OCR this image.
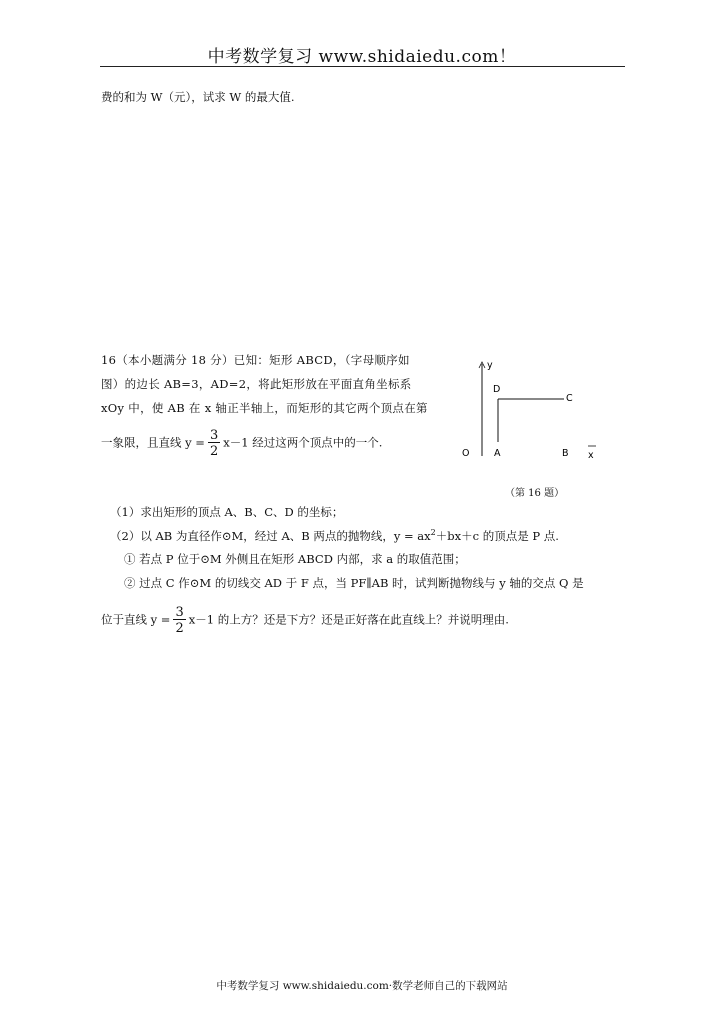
中考数学复习 www.shidaiedu.com！
费的和为 W（元），试求 W 的最大值.
16（本小题满分 18 分）已知：矩形 ABCD，（字母顺序如
图）的边长 AB=3，AD=2，将此矩形放在平面直角坐标系
xOy 中，使 AB 在 x 轴正半轴上，而矩形的其它两个顶点在第
一象限，且直线 $y = \frac{3}{2} x-1$ 经过这两个顶点中的一个.
y
D
C
O	A	B x
（第 16 题）
（1）求出矩形的顶点 A、B、C、D 的坐标；
（2）以 AB 为直径作⊙M，经过 A、B 两点的抛物线，$y = ax^2+bx+c$ 的顶点是 P 点.
① 若点 P 位于⊙M 外侧且在矩形 ABCD 内部，求 a 的取值范围；
② 过点 C 作⊙M 的切线交 AD 于 F 点，当 PF∥AB 时，试判断抛物线与 y 轴的交点 Q 是
位于直线 $y = \frac{3}{2} x-1$ 的上方？还是下方？还是正好落在此直线上？并说明理由.
中考数学复习 www.shidaiedu.com·数学老师自己的下载网站
